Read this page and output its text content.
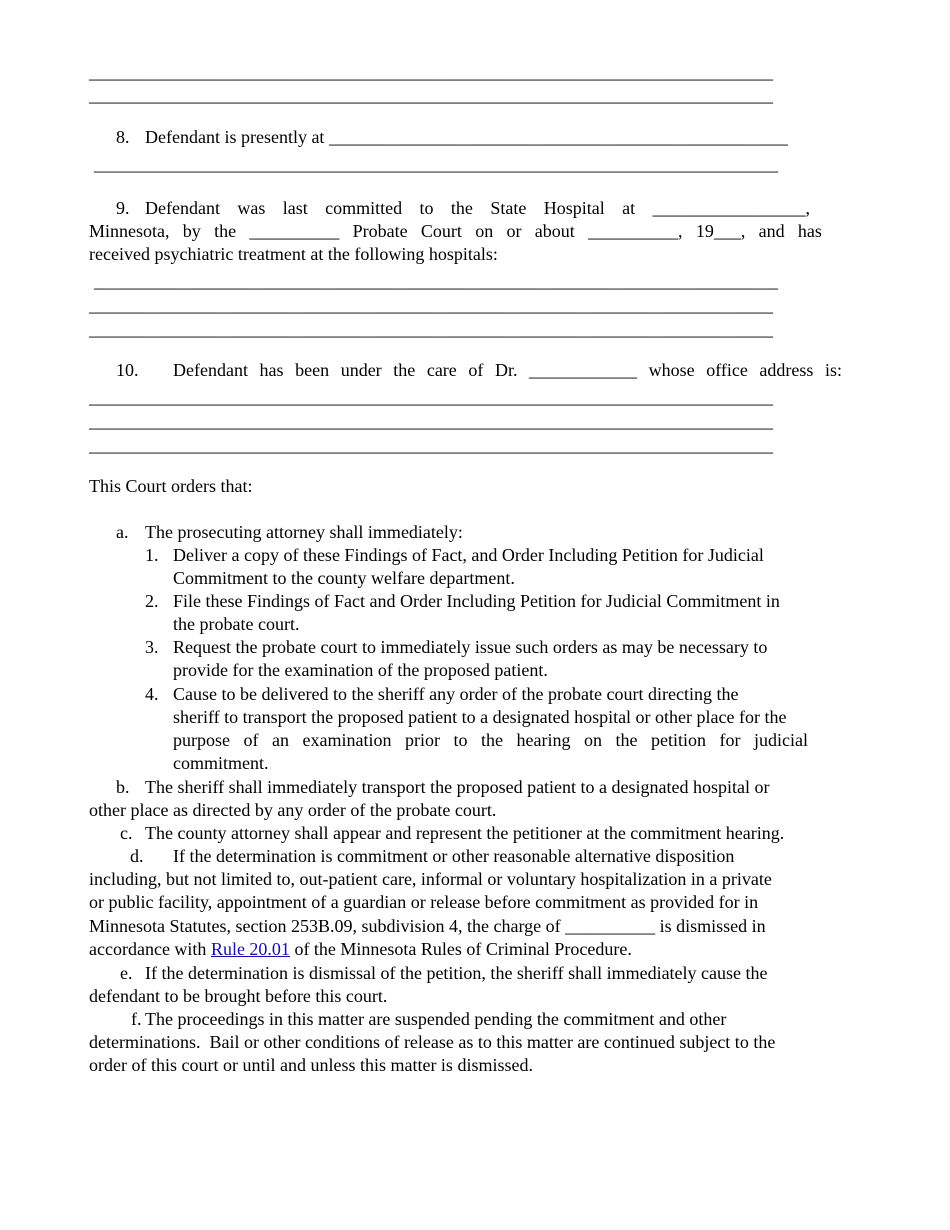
____________________________________________________________________________
____________________________________________________________________________
8. Defendant is presently at ___________________________________________________
____________________________________________________________________________
9. Defendant was last committed to the State Hospital at _________________,
Minnesota, by the __________ Probate Court on or about __________, 19___, and has
received psychiatric treatment at the following hospitals:
____________________________________________________________________________
____________________________________________________________________________
____________________________________________________________________________
10. Defendant has been under the care of Dr. ____________ whose office address is:
____________________________________________________________________________
____________________________________________________________________________
____________________________________________________________________________
This Court orders that:
a. The prosecuting attorney shall immediately:
1. Deliver a copy of these Findings of Fact, and Order Including Petition for Judicial
Commitment to the county welfare department.
2. File these Findings of Fact and Order Including Petition for Judicial Commitment in
the probate court.
3. Request the probate court to immediately issue such orders as may be necessary to
provide for the examination of the proposed patient.
4. Cause to be delivered to the sheriff any order of the probate court directing the
sheriff to transport the proposed patient to a designated hospital or other place for the
purpose of an examination prior to the hearing on the petition for judicial
commitment.
b. The sheriff shall immediately transport the proposed patient to a designated hospital or
other place as directed by any order of the probate court.
c. The county attorney shall appear and represent the petitioner at the commitment hearing.
d. If the determination is commitment or other reasonable alternative disposition
including, but not limited to, out-patient care, informal or voluntary hospitalization in a private
or public facility, appointment of a guardian or release before commitment as provided for in
Minnesota Statutes, section 253B.09, subdivision 4, the charge of __________ is dismissed in
accordance with Rule 20.01 of the Minnesota Rules of Criminal Procedure.
e. If the determination is dismissal of the petition, the sheriff shall immediately cause the
defendant to be brought before this court.
f. The proceedings in this matter are suspended pending the commitment and other
determinations.  Bail or other conditions of release as to this matter are continued subject to the
order of this court or until and unless this matter is dismissed.
